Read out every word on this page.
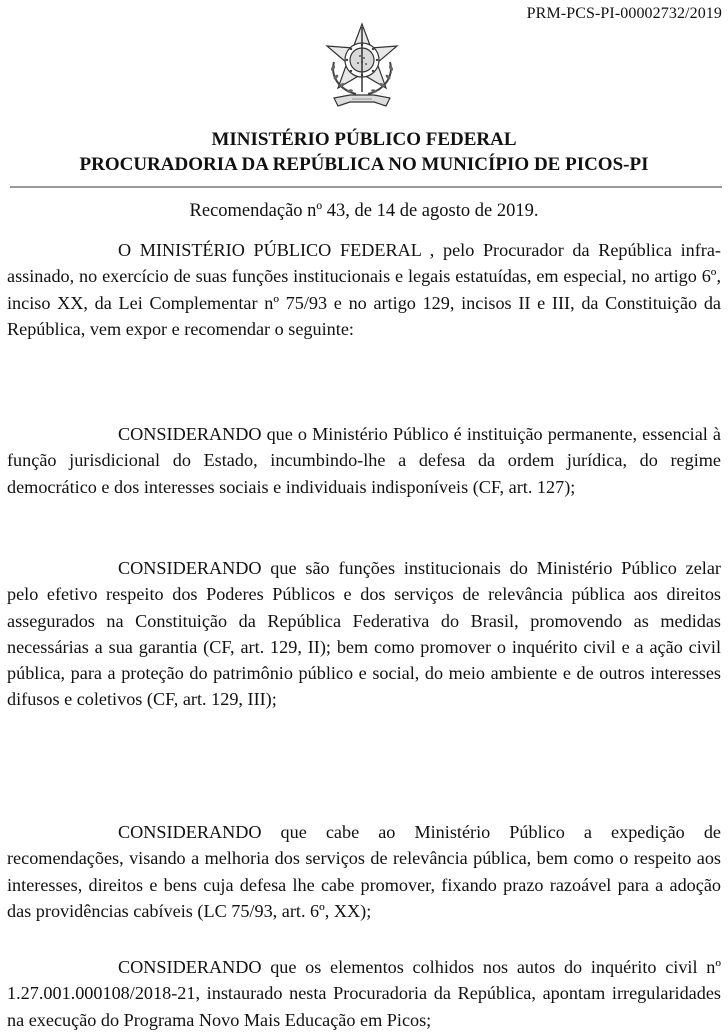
PRM-PCS-PI-00002732/2019
MINISTÉRIO PÚBLICO FEDERAL
PROCURADORIA DA REPÚBLICA NO MUNICÍPIO DE PICOS-PI
Recomendação nº 43, de 14 de agosto de 2019.

O MINISTÉRIO PÚBLICO FEDERAL , pelo Procurador da República infra-assinado, no exercício de suas funções institucionais e legais estatuídas, em especial, no artigo 6º, inciso XX, da Lei Complementar nº 75/93 e no artigo 129, incisos II e III, da Constituição da República, vem expor e recomendar o seguinte:

CONSIDERANDO que o Ministério Público é instituição permanente, essencial à função jurisdicional do Estado, incumbindo-lhe a defesa da ordem jurídica, do regime democrático e dos interesses sociais e individuais indisponíveis (CF, art. 127);

CONSIDERANDO que são funções institucionais do Ministério Público zelar pelo efetivo respeito dos Poderes Públicos e dos serviços de relevância pública aos direitos assegurados na Constituição da República Federativa do Brasil, promovendo as medidas necessárias a sua garantia (CF, art. 129, II); bem como promover o inquérito civil e a ação civil pública, para a proteção do patrimônio público e social, do meio ambiente e de outros interesses difusos e coletivos (CF, art. 129, III);

CONSIDERANDO que cabe ao Ministério Público a expedição de recomendações, visando a melhoria dos serviços de relevância pública, bem como o respeito aos interesses, direitos e bens cuja defesa lhe cabe promover, fixando prazo razoável para a adoção das providências cabíveis (LC 75/93, art. 6º, XX);

CONSIDERANDO que os elementos colhidos nos autos do inquérito civil nº 1.27.001.000108/2018-21, instaurado nesta Procuradoria da República, apontam irregularidades na execução do Programa Novo Mais Educação em Picos;
